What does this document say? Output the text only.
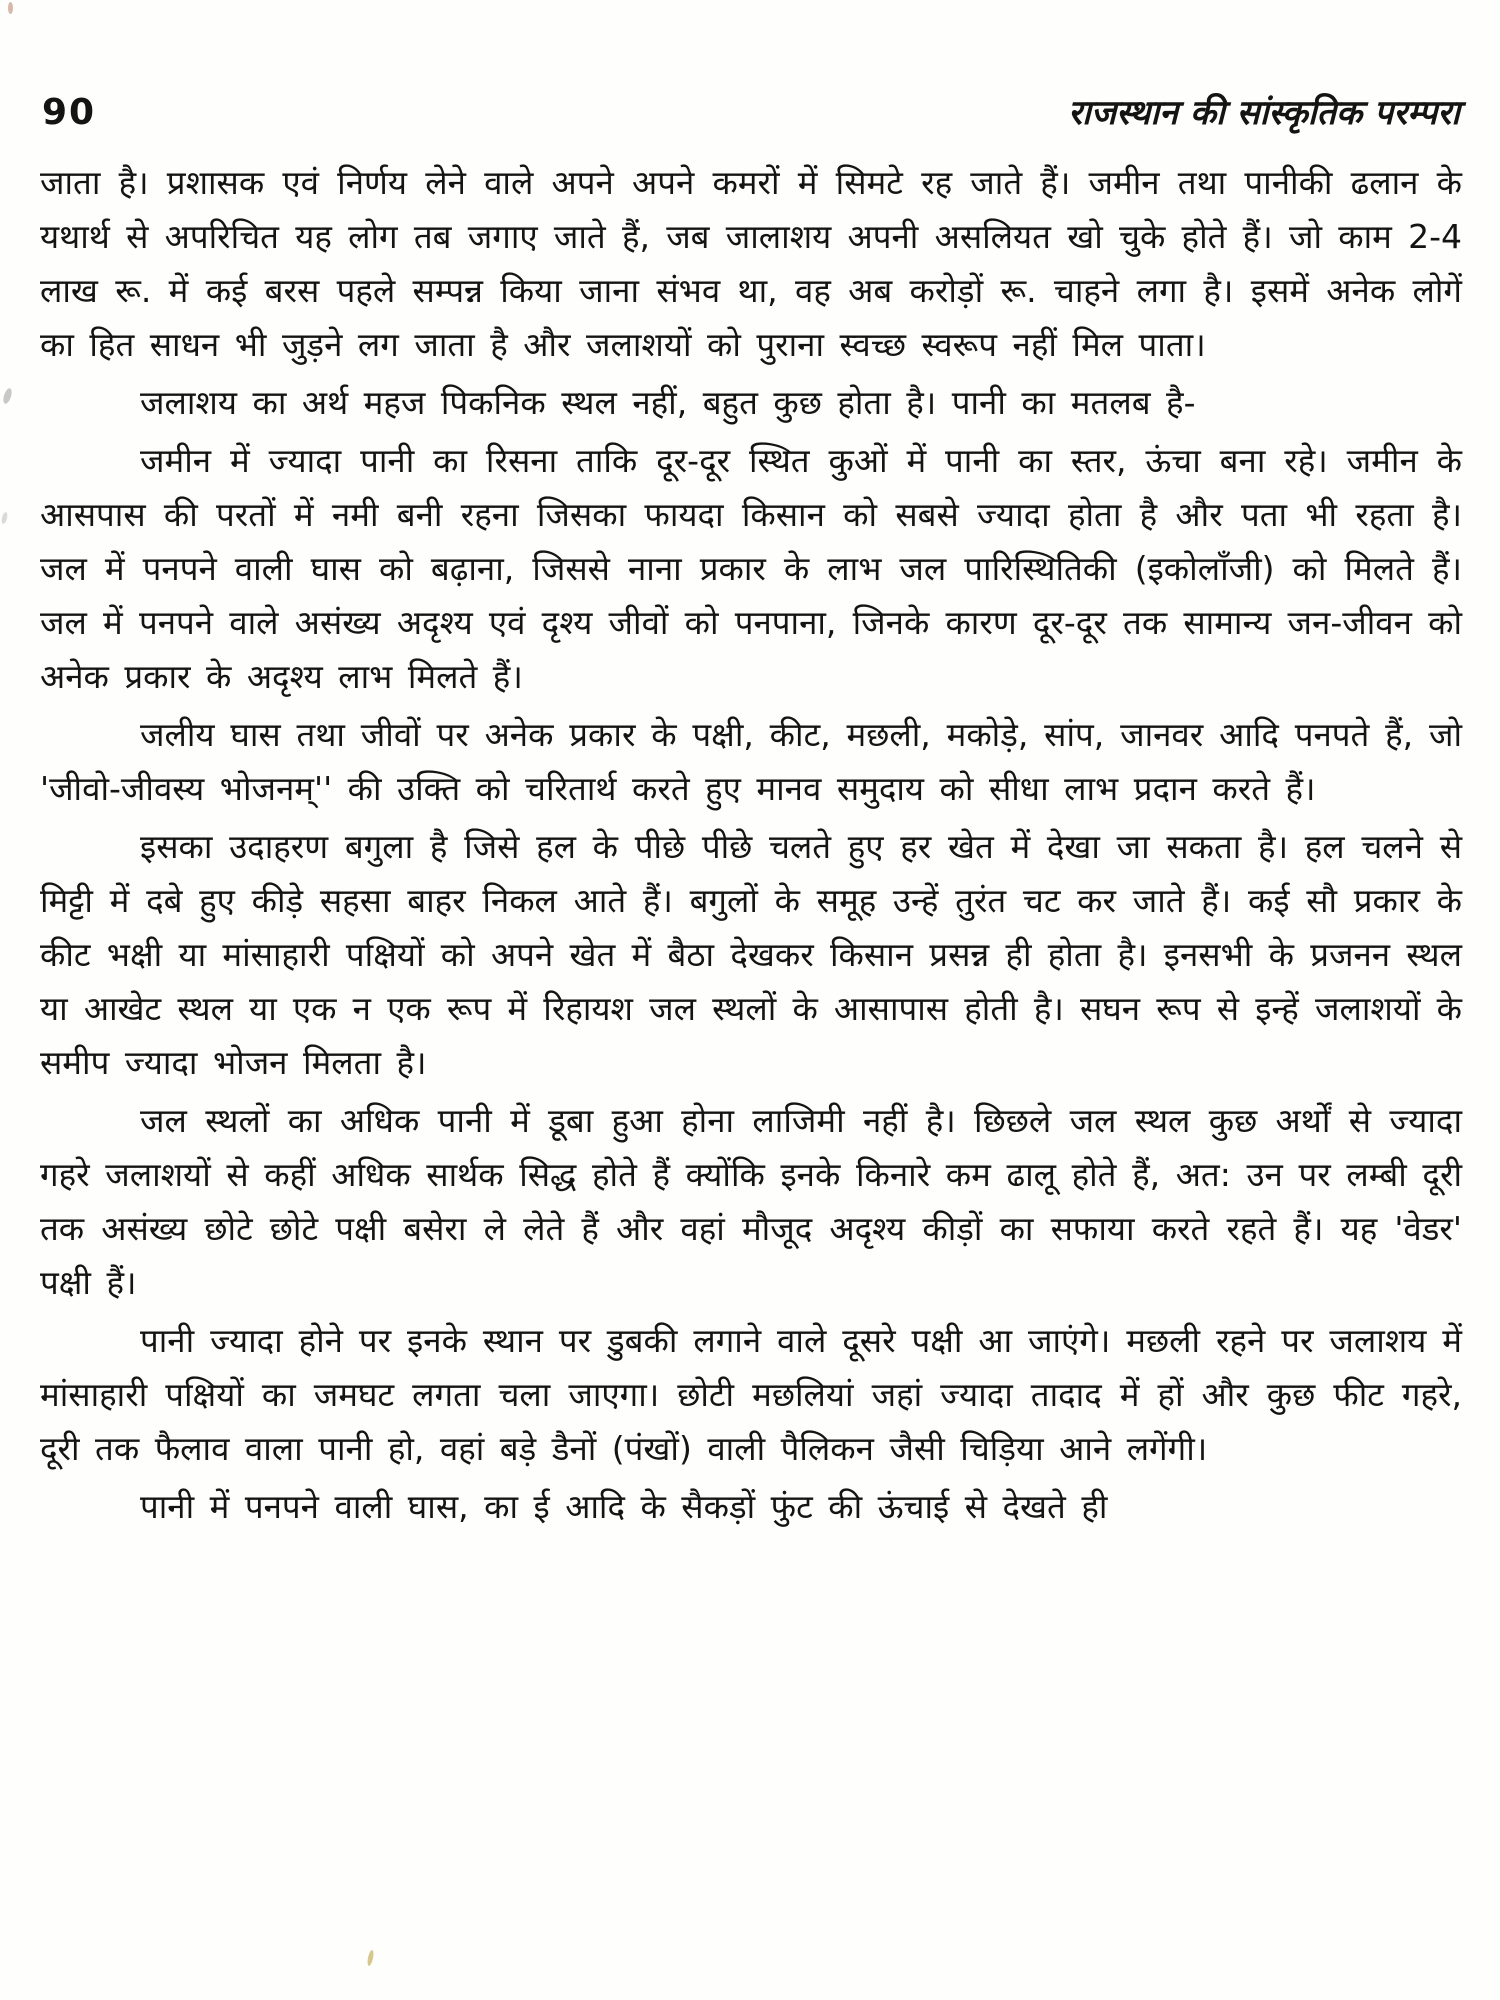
90	राजस्थान की सांस्कृतिक परम्परा

जाता है। प्रशासक एवं निर्णय लेने वाले अपने अपने कमरों में सिमटे रह जाते हैं। जमीन तथा पानीकी ढलान के यथार्थ से अपरिचित यह लोग तब जगाए जाते हैं, जब जालाशय अपनी असलियत खो चुके होते हैं। जो काम 2-4 लाख रू. में कई बरस पहले सम्पन्न किया जाना संभव था, वह अब करोड़ों रू. चाहने लगा है। इसमें अनेक लोगें का हित साधन भी जुड़ने लग जाता है और जलाशयों को पुराना स्वच्छ स्वरूप नहीं मिल पाता।

जलाशय का अर्थ महज पिकनिक स्थल नहीं, बहुत कुछ होता है। पानी का मतलब है-

जमीन में ज्यादा पानी का रिसना ताकि दूर-दूर स्थित कुओं में पानी का स्तर, ऊंचा बना रहे। जमीन के आसपास की परतों में नमी बनी रहना जिसका फायदा किसान को सबसे ज्यादा होता है और पता भी रहता है। जल में पनपने वाली घास को बढ़ाना, जिससे नाना प्रकार के लाभ जल पारिस्थितिकी (इकोलाँजी) को मिलते हैं। जल में पनपने वाले असंख्य अदृश्य एवं दृश्य जीवों को पनपाना, जिनके कारण दूर-दूर तक सामान्य जन-जीवन को अनेक प्रकार के अदृश्य लाभ मिलते हैं।

जलीय घास तथा जीवों पर अनेक प्रकार के पक्षी, कीट, मछली, मकोड़े, सांप, जानवर आदि पनपते हैं, जो 'जीवो-जीवस्य भोजनम्'' की उक्ति को चरितार्थ करते हुए मानव समुदाय को सीधा लाभ प्रदान करते हैं।

इसका उदाहरण बगुला है जिसे हल के पीछे पीछे चलते हुए हर खेत में देखा जा सकता है। हल चलने से मिट्टी में दबे हुए कीड़े सहसा बाहर निकल आते हैं। बगुलों के समूह उन्हें तुरंत चट कर जाते हैं। कई सौ प्रकार के कीट भक्षी या मांसाहारी पक्षियों को अपने खेत में बैठा देखकर किसान प्रसन्न ही होता है। इनसभी के प्रजनन स्थल या आखेट स्थल या एक न एक रूप में रिहायश जल स्थलों के आसापास होती है। सघन रूप से इन्हें जलाशयों के समीप ज्यादा भोजन मिलता है।

जल स्थलों का अधिक पानी में डूबा हुआ होना लाजिमी नहीं है। छिछले जल स्थल कुछ अर्थों से ज्यादा गहरे जलाशयों से कहीं अधिक सार्थक सिद्ध होते हैं क्योंकि इनके किनारे कम ढालू होते हैं, अत: उन पर लम्बी दूरी तक असंख्य छोटे छोटे पक्षी बसेरा ले लेते हैं और वहां मौजूद अदृश्य कीड़ों का सफाया करते रहते हैं। यह 'वेडर' पक्षी हैं।

पानी ज्यादा होने पर इनके स्थान पर डुबकी लगाने वाले दूसरे पक्षी आ जाएंगे। मछली रहने पर जलाशय में मांसाहारी पक्षियों का जमघट लगता चला जाएगा। छोटी मछलियां जहां ज्यादा तादाद में हों और कुछ फीट गहरे, दूरी तक फैलाव वाला पानी हो, वहां बड़े डैनों (पंखों) वाली पैलिकन जैसी चिड़िया आने लगेंगी।

पानी में पनपने वाली घास, का ई आदि के सैकड़ों फुंट की ऊंचाई से देखते ही
